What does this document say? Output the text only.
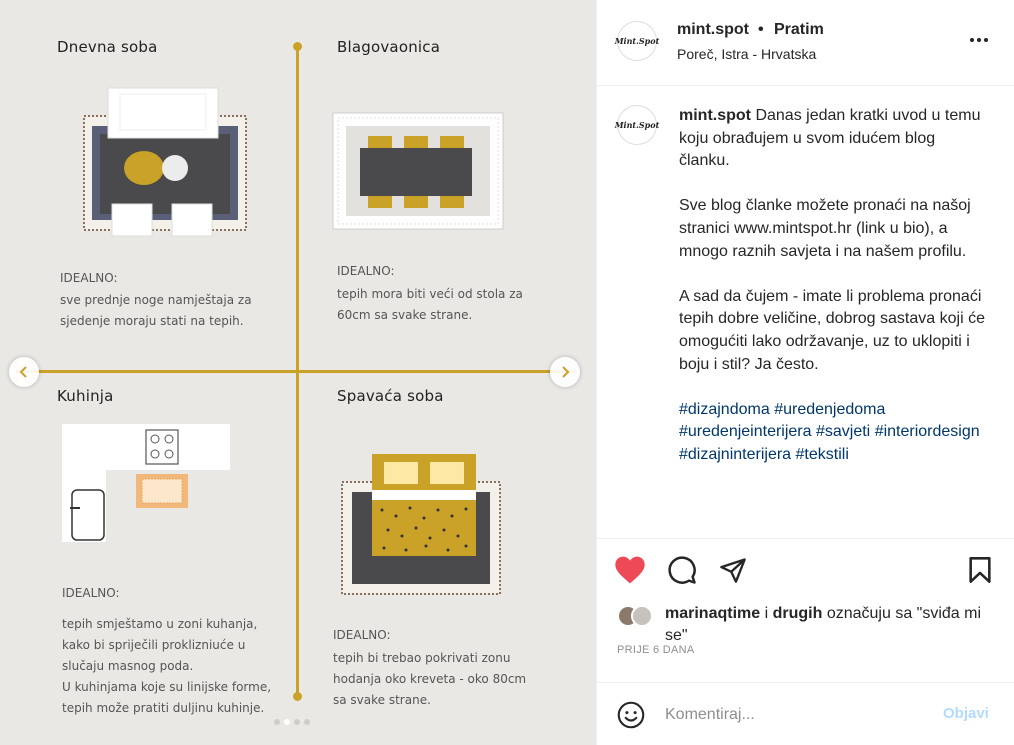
Dnevna soba
IDEALNO:
sve prednje noge namještaja za
sjedenje moraju stati na tepih.
Blagovaonica
IDEALNO:
tepih mora biti veći od stola za
60cm sa svake strane.
Kuhinja
IDEALNO:
tepih smještamo u zoni kuhanja,
kako bi spriječili proklizniuće u
slučaju masnog poda.
U kuhinjama koje su linijske forme,
tepih može pratiti duljinu kuhinje.
Spavaća soba
IDEALNO:
tepih bi trebao pokrivati zonu
hodanja oko kreveta - oko 80cm
sa svake strane.
Mint.Spot
mint.spot • Pratim
Poreč, Istra - Hrvatska
Mint.Spot

mint.spot Danas jedan kratki uvod u temu koju obrađujem u svom idućem blog članku.

Sve blog članke možete pronaći na našoj stranici www.mintspot.hr (link u bio), a mnogo raznih savjeta i na našem profilu.

A sad da čujem - imate li problema pronaći tepih dobre veličine, dobrog sastava koji će omogućiti lako održavanje, uz to uklopiti i boju i stil? Ja često.

#dizajndoma #uredenjedoma #uredenjeinterijera #savjeti #interiordesign #dizajninterijera #tekstili
marinaqtime i drugih označuju sa "sviđa mi se"
PRIJE 6 DANA
Komentiraj...
Objavi
